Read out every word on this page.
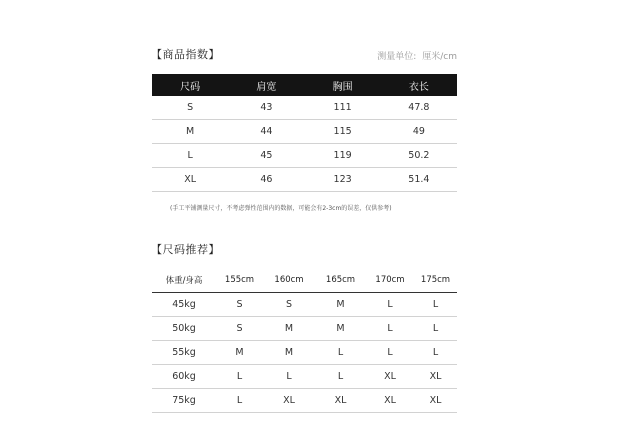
【商品指数】	测量单位: 厘米/cm
尺码	肩宽	胸围	衣长
S	43	111	47.8
M	44	115	49
L	45	119	50.2
XL	46	123	51.4
(手工平铺测量尺寸，不考虑弹性范围内的数据，可能会有2-3cm的误差，仅供参考)
【尺码推荐】
体重/身高	155cm	160cm	165cm	170cm	175cm
45kg	S	S	M	L	L
50kg	S	M	M	L	L
55kg	M	M	L	L	L
60kg	L	L	L	XL	XL
75kg	L	XL	XL	XL	XL
